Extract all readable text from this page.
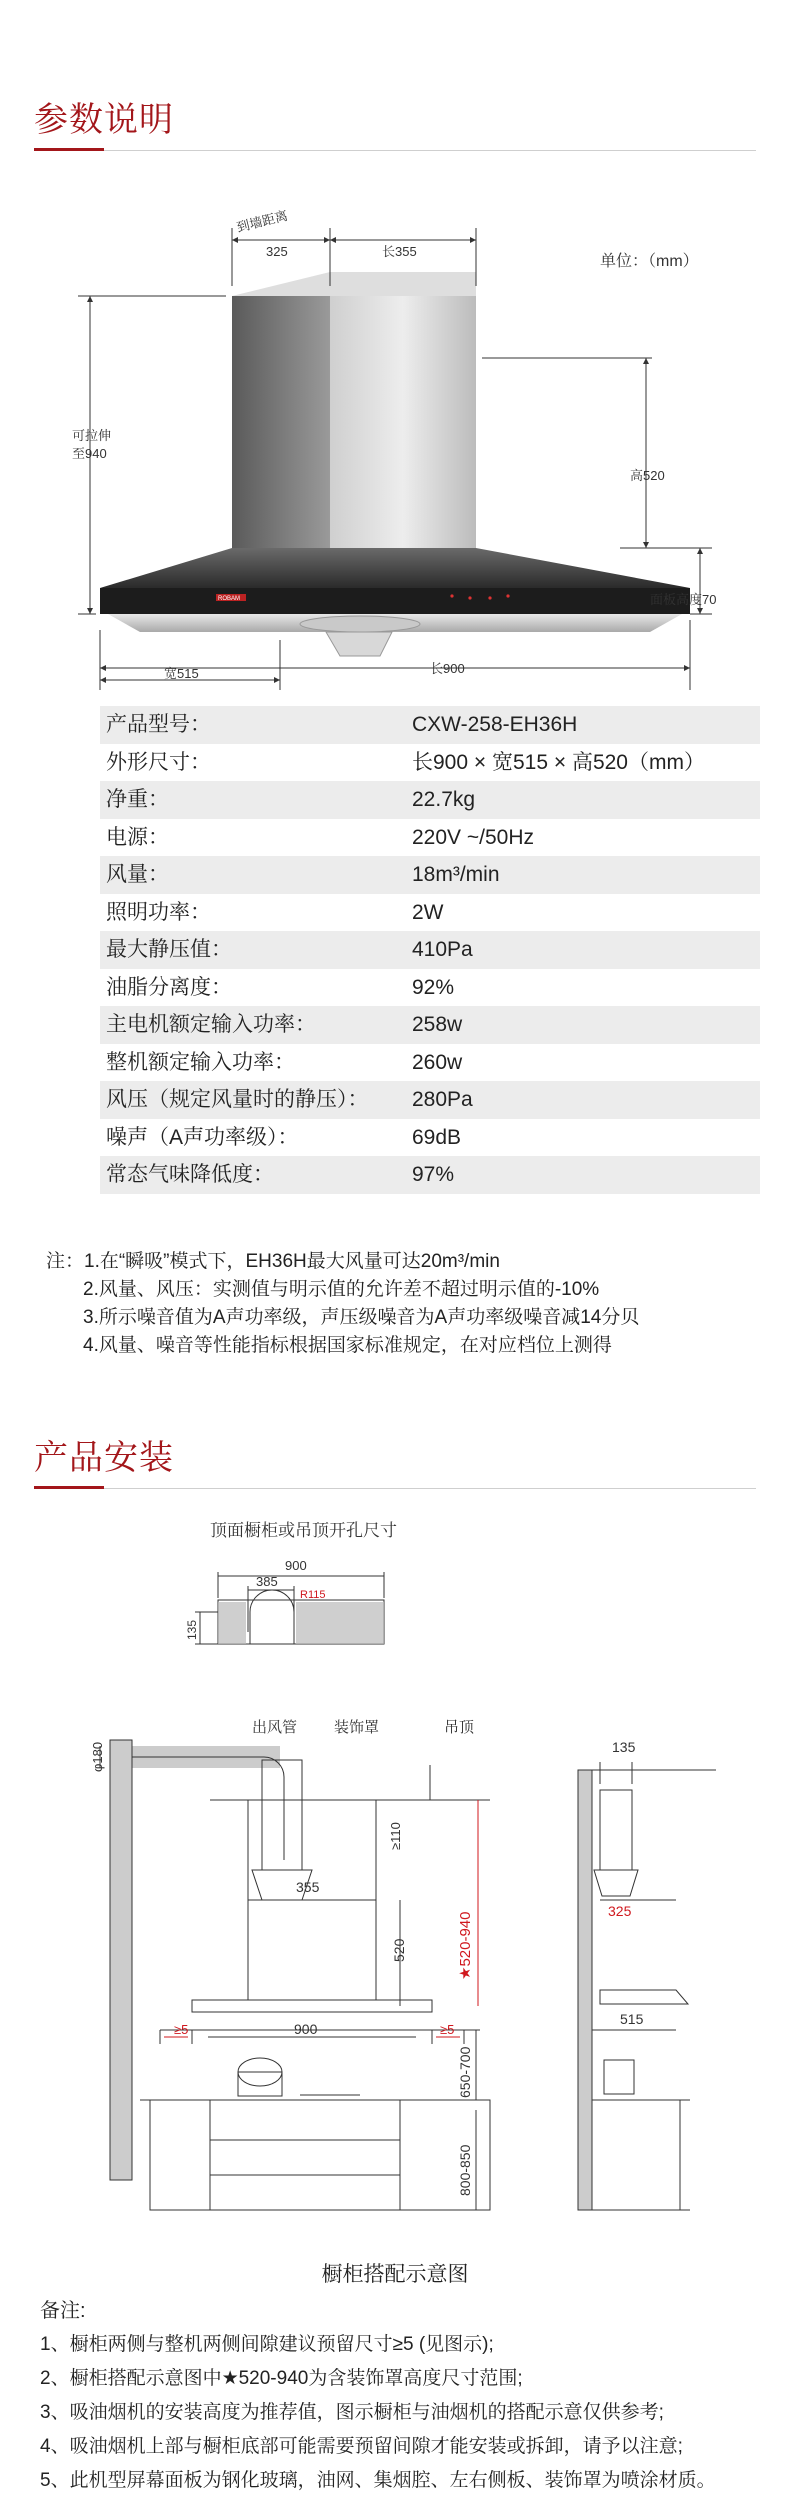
参数说明
ROBAM
单位：（mm）
到墙距离
325	长355
可拉伸
至940
高520
面板高度70
宽515	长900
产品型号：	CXW-258-EH36H
外形尺寸：	长900 × 宽515 × 高520（mm）
净重：	22.7kg
电源：	220V ~/50Hz
风量：	18m³/min
照明功率：	2W
最大静压值：	410Pa
油脂分离度：	92%
主电机额定输入功率：	258w
整机额定输入功率：	260w
风压（规定风量时的静压）：	280Pa
噪声（A声功率级）：	69dB
常态气味降低度：	97%
注：1.在“瞬吸”模式下，EH36H最大风量可达20m³/min
2.风量、风压：实测值与明示值的允许差不超过明示值的-10%
3.所示噪音值为A声功率级，声压级噪音为A声功率级噪音减14分贝
4.风量、噪音等性能指标根据国家标准规定，在对应档位上测得
产品安装
顶面橱柜或吊顶开孔尺寸
900
385
R115
135
出风管 装饰罩	吊顶
φ180
≥110
355
520	★520-940
≥5	900	≥5
650-700
800-850
135
325
515
橱柜搭配示意图
备注:
1、橱柜两侧与整机两侧间隙建议预留尺寸≥5 (见图示);
2、橱柜搭配示意图中★520-940为含装饰罩高度尺寸范围;
3、吸油烟机的安装高度为推荐值，图示橱柜与油烟机的搭配示意仅供参考;
4、吸油烟机上部与橱柜底部可能需要预留间隙才能安装或拆卸，请予以注意;
5、此机型屏幕面板为钢化玻璃，油网、集烟腔、左右侧板、装饰罩为喷涂材质。
